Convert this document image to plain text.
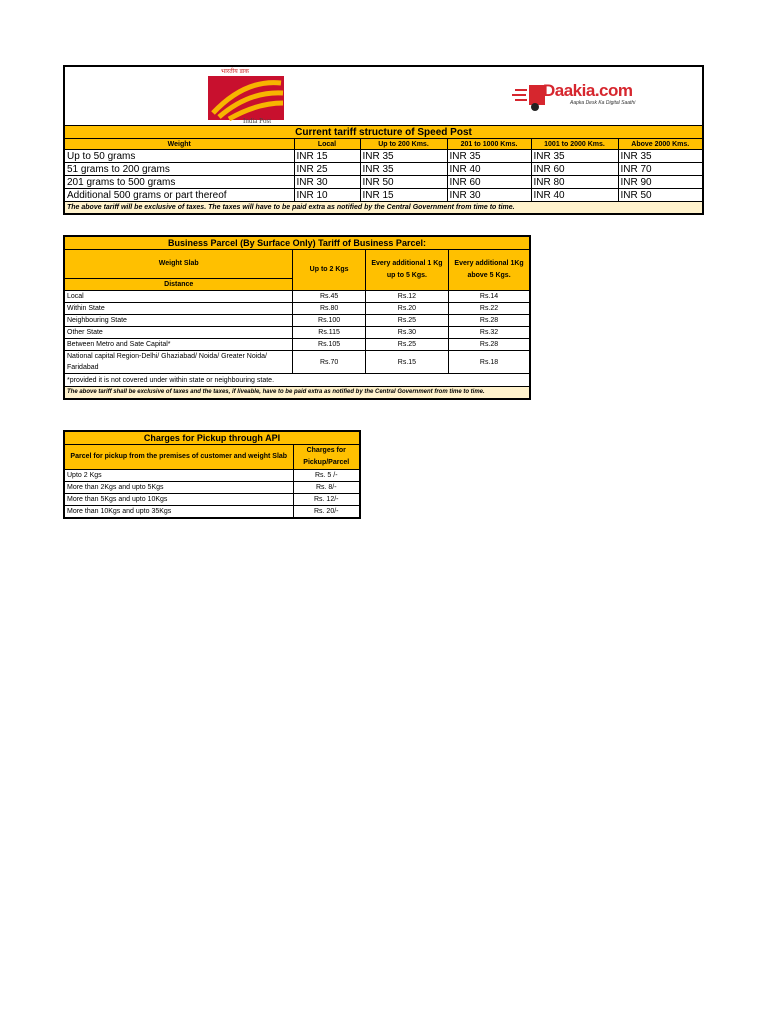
भारतीय डाक
India Post
Daakia.com
Aapka Desk Ka Digital Saathi					

Current tariff structure of Speed Post					
Weight	Local	Up to 200 Kms.	201 to 1000 Kms.	1001 to 2000 Kms.	Above 2000 Kms.
Up to 50 grams	INR 15	INR 35	INR 35	INR 35	INR 35
51 grams to 200 grams	INR 25	INR 35	INR 40	INR 60	INR 70
201 grams to 500 grams	INR 30	INR 50	INR 60	INR 80	INR 90
Additional 500 grams or part thereof	INR 10	INR 15	INR 30	INR 40	INR 50
The above tariff will be exclusive of taxes. The taxes will have to be paid extra as notified by the Central Government from time to time.					
Business Parcel (By Surface Only) Tariff of Business Parcel:			
Weight Slab	Up to 2 Kgs	Every additional 1 Kg up to 5 Kgs.	Every additional 1Kg above 5 Kgs.
Distance			
Local	Rs.45	Rs.12	Rs.14
Within State	Rs.80	Rs.20	Rs.22
Neighbouring State	Rs.100	Rs.25	Rs.28
Other State	Rs.115	Rs.30	Rs.32
Between Metro and Sate Capital*	Rs.105	Rs.25	Rs.28
National capital Region-Delhi/ Ghaziabad/ Noida/ Greater Noida/ Faridabad	Rs.70	Rs.15	Rs.18
*provided it is not covered under within state or neighbouring state.			
The above tariff shall be exclusive of taxes and the taxes, if liveable, have to be paid extra as notified by the Central Government from time to time.			
Charges for Pickup through API	
Parcel for pickup from the premises of customer and weight Slab	Charges for Pickup/Parcel
Upto 2 Kgs	Rs. 5 /-
More than 2Kgs and upto 5Kgs	Rs. 8/-
More than 5Kgs and upto 10Kgs	Rs. 12/-
More than 10Kgs and upto 35Kgs	Rs. 20/-
